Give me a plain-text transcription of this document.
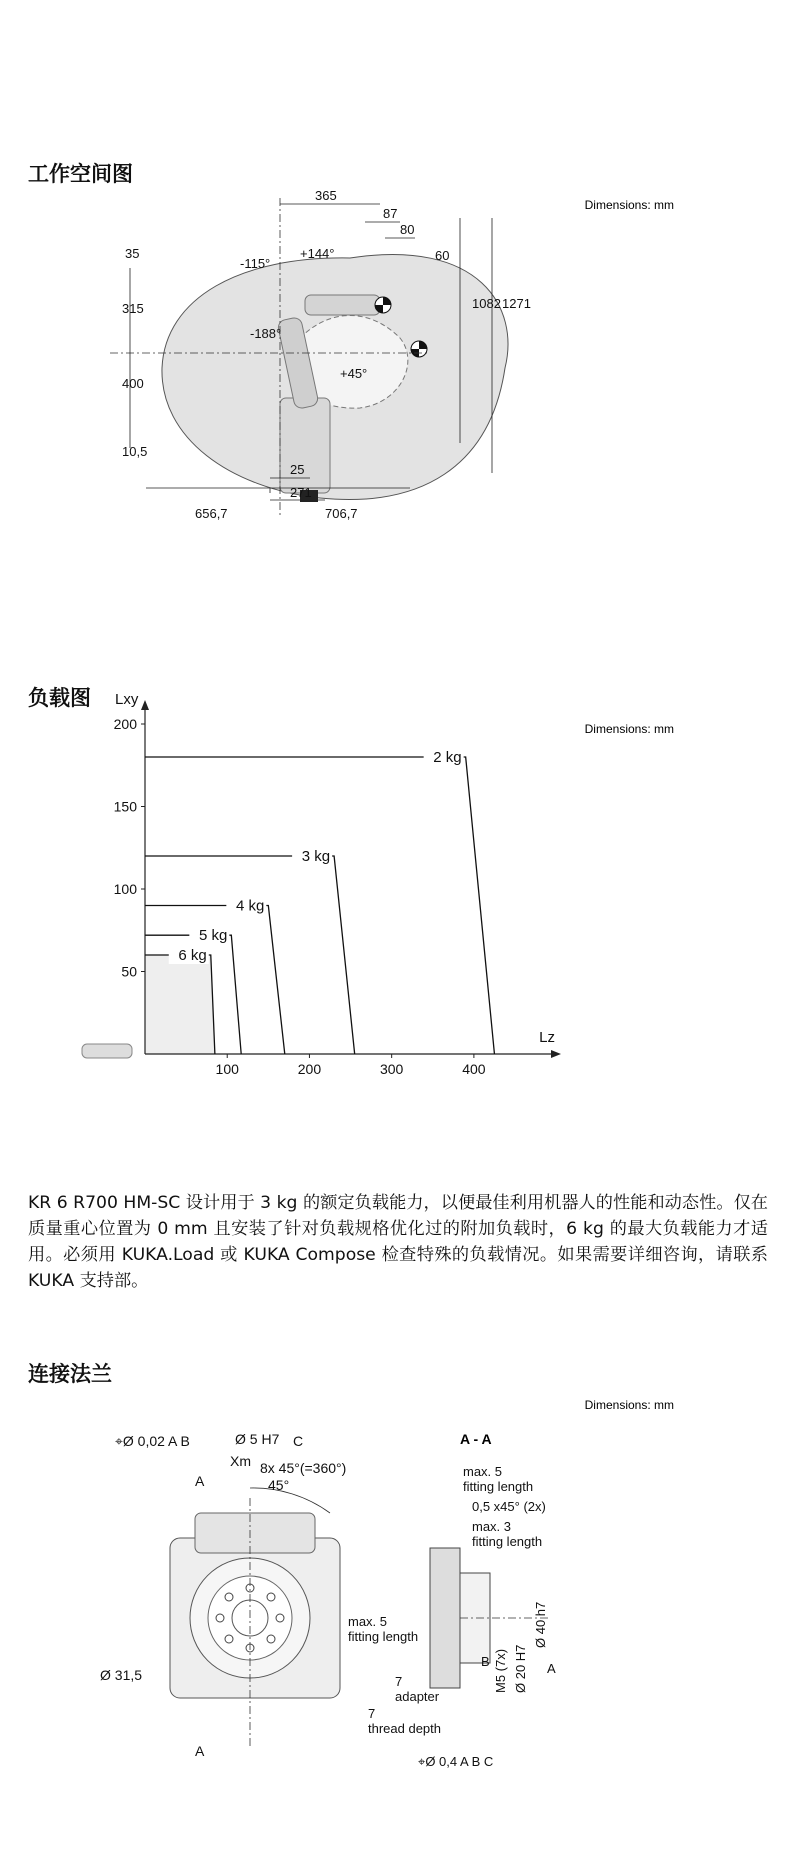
工作空间图
Dimensions: mm
365
87
80
60
35
315
400
10,5
25
271
656,7	706,7
1082 1271
+144°
-115°
-188°
+45°
负载图
Dimensions: mm
100	200	300	400
50
100
150
200
Lz
Lxy
2 kg
3 kg
4 kg
5 kg
6 kg

KR 6 R700 HM-SC 设计用于 3 kg 的额定负载能力，以便最佳利用机器人的性能和动态性。仅在质量重心位置为 0 mm 且安装了针对负载规格优化过的附加负载时，6 kg 的最大负载能力才适用。必须用 KUKA.Load 或 KUKA Compose 检查特殊的负载情况。如果需要详细咨询，请联系 KUKA 支持部。

连接法兰
Dimensions: mm
⌖Ø 0,02 A B	Ø 5 H7 C
Xm 8x 45°(=360°)
45°
A
A
Ø 31,5
A - A
max. 5
fitting length
0,5 x45° (2x)
max. 3
fitting length
max. 5
fitting length
7
adapter
7
thread depth
B	A
⌖Ø 0,4 A B C
M5 (7x) Ø 20 H7
Ø 40 h7
